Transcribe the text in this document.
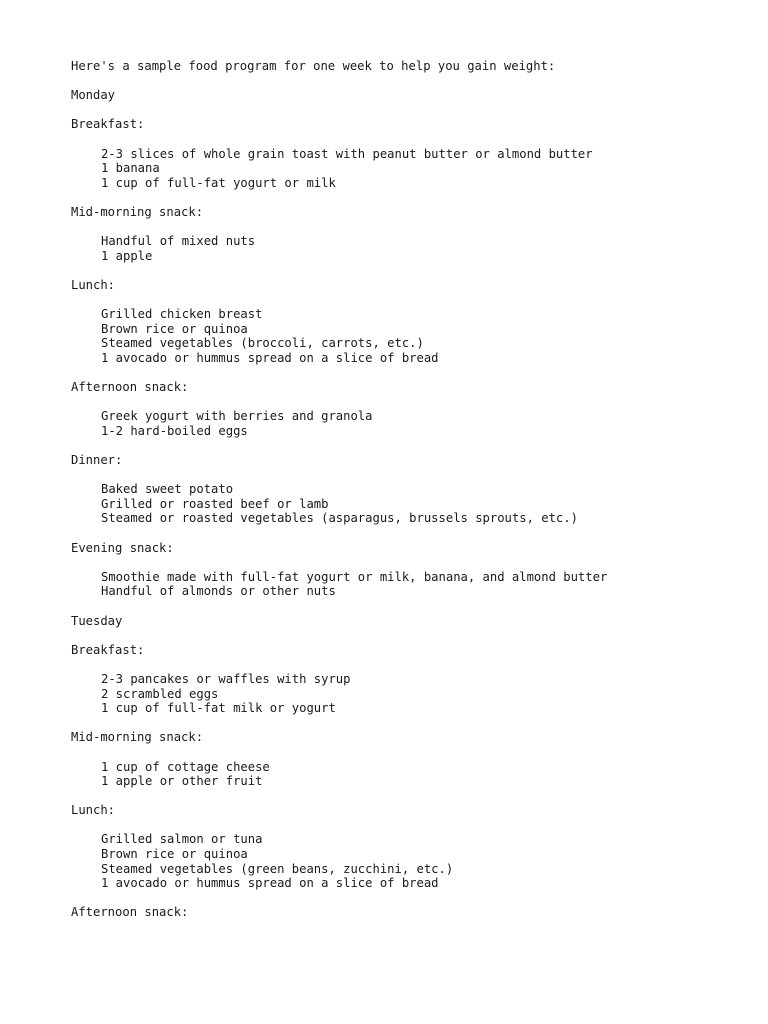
Here's a sample food program for one week to help you gain weight:
Monday
Breakfast:
2-3 slices of whole grain toast with peanut butter or almond butter
1 banana
1 cup of full-fat yogurt or milk
Mid-morning snack:
Handful of mixed nuts
1 apple
Lunch:
Grilled chicken breast
Brown rice or quinoa
Steamed vegetables (broccoli, carrots, etc.)
1 avocado or hummus spread on a slice of bread
Afternoon snack:
Greek yogurt with berries and granola
1-2 hard-boiled eggs
Dinner:
Baked sweet potato
Grilled or roasted beef or lamb
Steamed or roasted vegetables (asparagus, brussels sprouts, etc.)
Evening snack:
Smoothie made with full-fat yogurt or milk, banana, and almond butter
Handful of almonds or other nuts
Tuesday
Breakfast:
2-3 pancakes or waffles with syrup
2 scrambled eggs
1 cup of full-fat milk or yogurt
Mid-morning snack:
1 cup of cottage cheese
1 apple or other fruit
Lunch:
Grilled salmon or tuna
Brown rice or quinoa
Steamed vegetables (green beans, zucchini, etc.)
1 avocado or hummus spread on a slice of bread
Afternoon snack:
